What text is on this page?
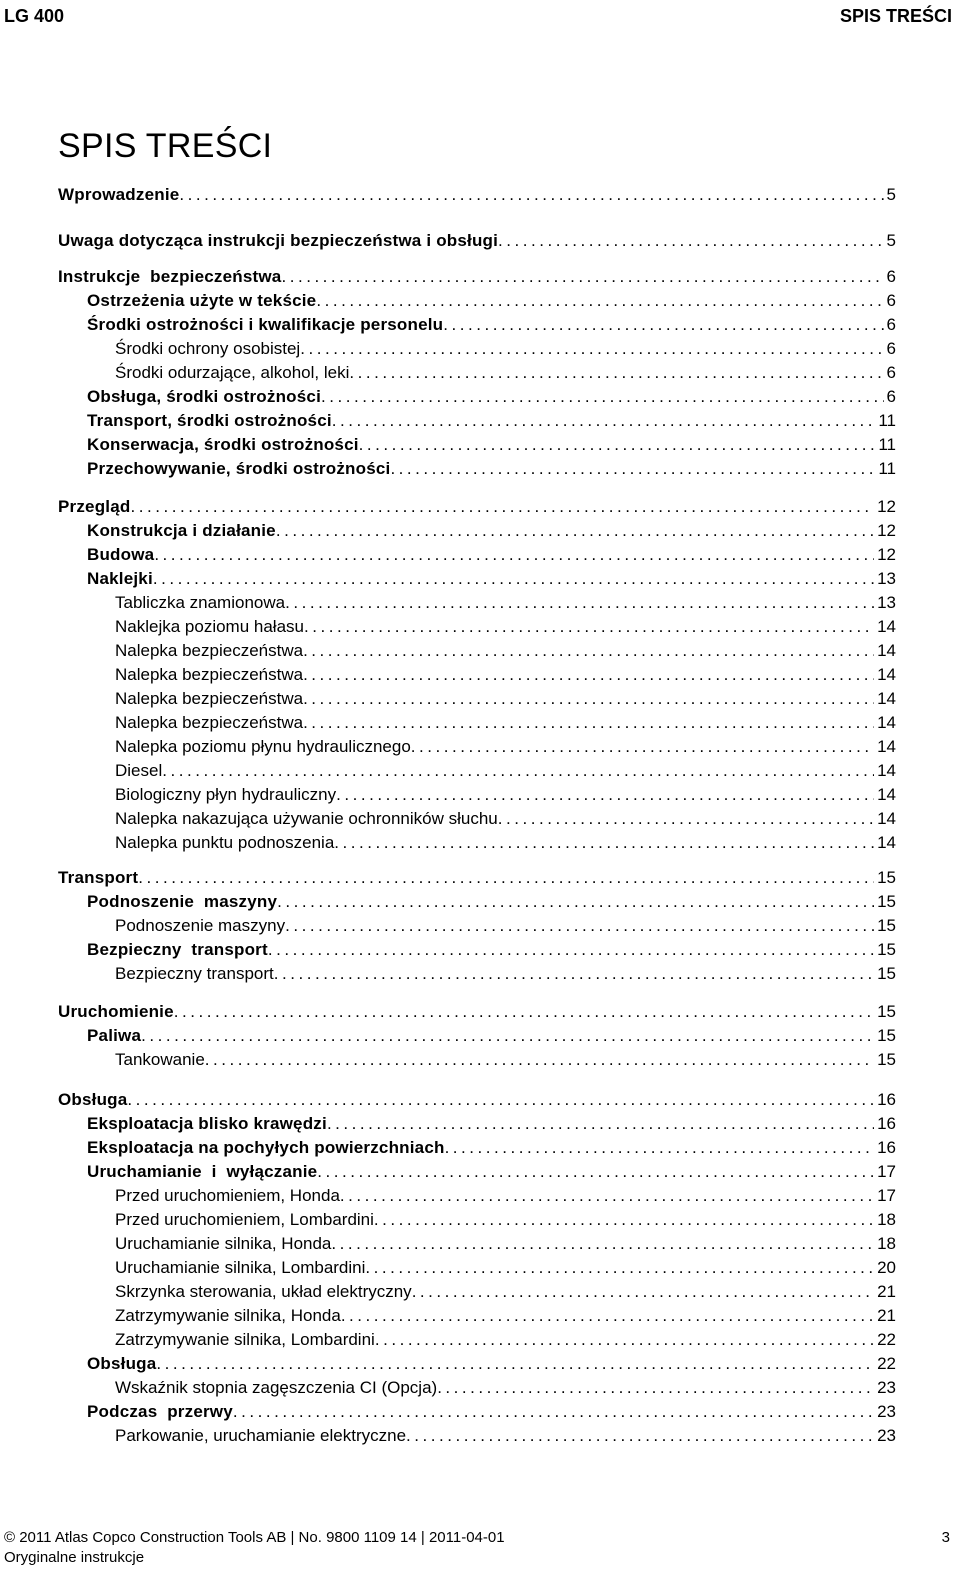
LG 400	SPIS TREŚCI
SPIS TREŚCI
Wprowadzenie . . .	5
Uwaga dotycząca instrukcji bezpieczeństwa i obsługi . . .	5
Instrukcje  bezpieczeństwa . . .	6
Ostrzeżenia użyte w tekście . . .	6
Środki ostrożności i kwalifikacje personelu . . .	6
Środki ochrony osobistej . . .	6
Środki odurzające, alkohol, leki . . .	6
Obsługa, środki ostrożności . . .	6
Transport, środki ostrożności . . .	11
Konserwacja, środki ostrożności . . .	11
Przechowywanie, środki ostrożności . . .	11
Przegląd . . .	12
Konstrukcja i działanie . . .	12
Budowa . . .	12
Naklejki . . .	13
Tabliczka znamionowa . . .	13
Naklejka poziomu hałasu . . .	14
Nalepka bezpieczeństwa . . .	14
Nalepka bezpieczeństwa . . .	14
Nalepka bezpieczeństwa . . .	14
Nalepka bezpieczeństwa . . .	14
Nalepka poziomu płynu hydraulicznego . . .	14
Diesel . . .	14
Biologiczny płyn hydrauliczny . . .	14
Nalepka nakazująca używanie ochronników słuchu . . .	14
Nalepka punktu podnoszenia . . .	14
Transport . . .	15
Podnoszenie  maszyny . . .	15
Podnoszenie maszyny . . .	15
Bezpieczny  transport . . .	15
Bezpieczny transport . . .	15
Uruchomienie . . .	15
Paliwa . . .	15
Tankowanie . . .	15
Obsługa . . .	16
Eksploatacja blisko krawędzi . . .	16
Eksploatacja na pochyłych powierzchniach . . .	16
Uruchamianie  i  wyłączanie . . .	17
Przed uruchomieniem, Honda . . .	17
Przed uruchomieniem, Lombardini . . .	18
Uruchamianie silnika, Honda . . .	18
Uruchamianie silnika, Lombardini . . .	20
Skrzynka sterowania, układ elektryczny . . .	21
Zatrzymywanie silnika, Honda . . .	21
Zatrzymywanie silnika, Lombardini . . .	22
Obsługa . . .	22
Wskaźnik stopnia zagęszczenia CI (Opcja) . . .	23
Podczas  przerwy . . .	23
Parkowanie, uruchamianie elektryczne . . .	23
© 2011 Atlas Copco Construction Tools AB | No. 9800 1109 14 | 2011-04-01
Oryginalne instrukcje
3
